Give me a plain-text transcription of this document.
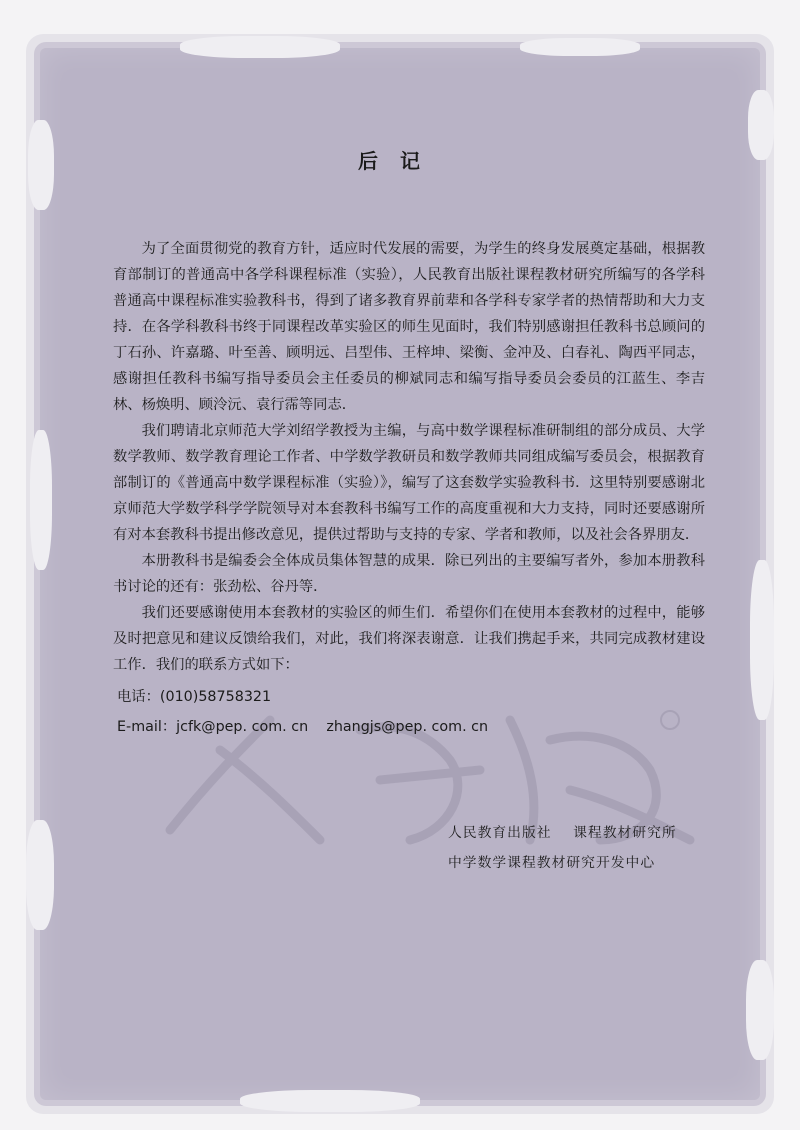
后记

为了全面贯彻党的教育方针，适应时代发展的需要，为学生的终身发展奠定基础，根据教育部制订的普通高中各学科课程标准（实验），人民教育出版社课程教材研究所编写的各学科普通高中课程标准实验教科书，得到了诸多教育界前辈和各学科专家学者的热情帮助和大力支持．在各学科教科书终于同课程改革实验区的师生见面时，我们特别感谢担任教科书总顾问的丁石孙、许嘉璐、叶至善、顾明远、吕型伟、王梓坤、梁衡、金冲及、白春礼、陶西平同志，感谢担任教科书编写指导委员会主任委员的柳斌同志和编写指导委员会委员的江蓝生、李吉林、杨焕明、顾泠沅、袁行霈等同志．

我们聘请北京师范大学刘绍学教授为主编，与高中数学课程标准研制组的部分成员、大学数学教师、数学教育理论工作者、中学数学教研员和数学教师共同组成编写委员会，根据教育部制订的《普通高中数学课程标准（实验）》，编写了这套数学实验教科书．这里特别要感谢北京师范大学数学科学学院领导对本套教科书编写工作的高度重视和大力支持，同时还要感谢所有对本套教科书提出修改意见，提供过帮助与支持的专家、学者和教师，以及社会各界朋友．

本册教科书是编委会全体成员集体智慧的成果．除已列出的主要编写者外，参加本册教科书讨论的还有：张劲松、谷丹等．

我们还要感谢使用本套教材的实验区的师生们．希望你们在使用本套教材的过程中，能够及时把意见和建议反馈给我们，对此，我们将深表谢意．让我们携起手来，共同完成教材建设工作．我们的联系方式如下：

电话：(010)58758321
E-mail：jcfk@pep. com. cn    zhangjs@pep. com. cn
人民教育出版社    课程教材研究所
中学数学课程教材研究开发中心
